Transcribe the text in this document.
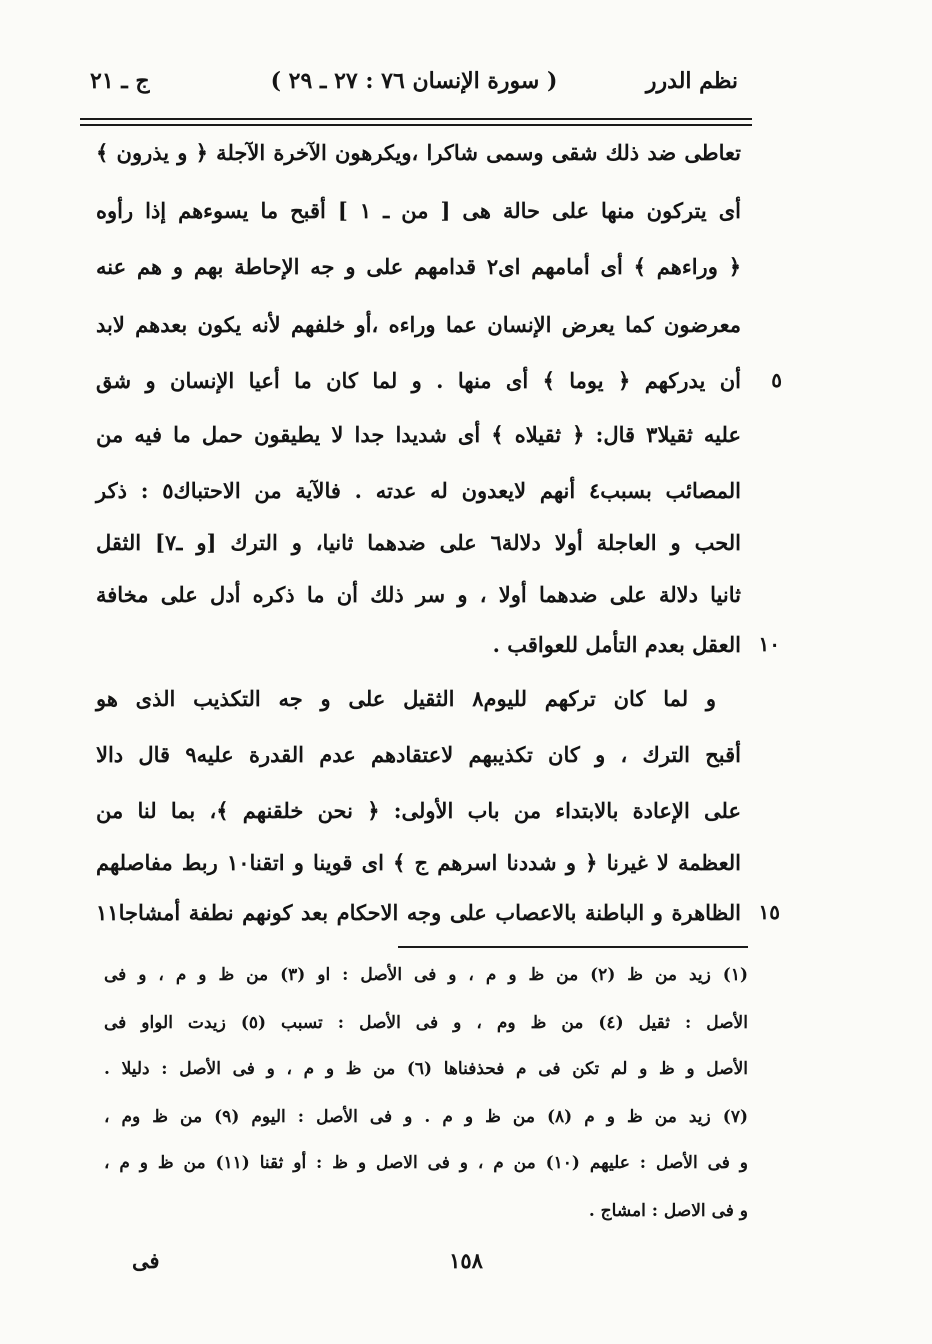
نظم الدرر
( سورة الإنسان ٧٦ : ٢٧ ـ ٢٩ )
ج ـ ٢١
تعاطى ضد ذلك شقى وسمى شاكرا ،ويكرهون الآخرة الآجلة ﴿ و يذرون ﴾
أى يتركون منها على حالة هى [ من ـ ١ ] أقبح ما يسوءهم إذا رأوه
﴿ وراءهم ﴾ أى أمامهم اى٢ قدامهم على و جه الإحاطة بهم و هم عنه
معرضون كما يعرض الإنسان عما وراءه ،أو خلفهم لأنه يكون بعدهم لابد
أن يدركهم ﴿ يوما ﴾ أى منها . و لما كان ما أعيا الإنسان و شق
عليه ثقيلا٣ قال: ﴿ ثقيلاه ﴾ أى شديدا جدا لا يطيقون حمل ما فيه من
المصائب بسبب٤ أنهم لايعدون له عدته . فالآية من الاحتباك٥ : ذكر
الحب و العاجلة أولا دلالة٦ على ضدهما ثانيا، و الترك [و ـ٧] الثقل
ثانيا دلالة على ضدهما أولا ، و سر ذلك أن ما ذكره أدل على مخافة
العقل بعدم التأمل للعواقب .
و لما كان تركهم لليوم٨ الثقيل على و جه التكذيب الذى هو
أقبح الترك ، و كان تكذيبهم لاعتقادهم عدم القدرة عليه٩ قال دالا
على الإعادة بالابتداء من باب الأولى: ﴿ نحن خلقنهم ﴾، بما لنا من
العظمة لا غيرنا ﴿ و شددنا اسرهم ج ﴾ اى قوينا و اتقنا١٠ ربط مفاصلهم
الظاهرة و الباطنة بالاعصاب على وجه الاحكام بعد كونهم نطفة أمشاجا١١
٥
١٠
١٥
(١) زيد من ظ (٢) من ظ و م ، و فى الأصل : او (٣) من ظ و م ، و فى
الأصل : ثقيل (٤) من ظ وم ، و فى الأصل : تسبب (٥) زيدت الواو فى
الأصل و ظ و لم تكن فى م فحذفناها (٦) من ظ و م ، و فى الأصل : دليلا .
(٧) زيد من ظ و م (٨) من ظ و م . و فى الأصل : اليوم (٩) من ظ وم ،
و فى الأصل : عليهم (١٠) من م ، و فى الاصل و ظ : أو ثقنا (١١) من ظ و م ،
و فى الاصل : امشاج .
١٥٨
فى
